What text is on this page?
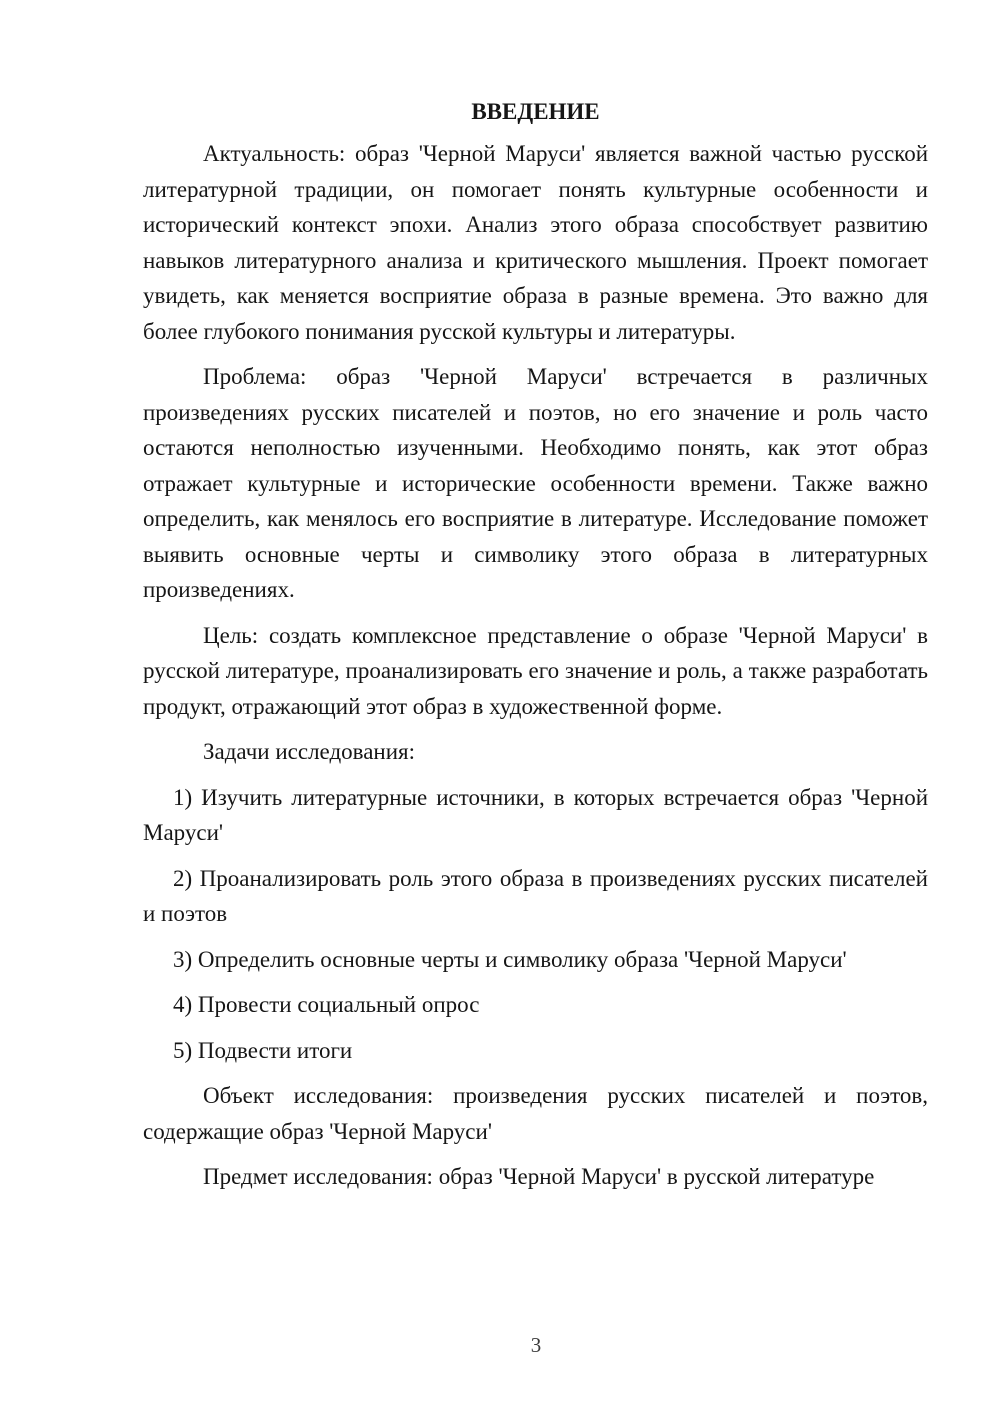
ВВЕДЕНИЕ

Актуальность: образ 'Черной Маруси' является важной частью русской литературной традиции, он помогает понять культурные особенности и исторический контекст эпохи. Анализ этого образа способствует развитию навыков литературного анализа и критического мышления. Проект помогает увидеть, как меняется восприятие образа в разные времена. Это важно для более глубокого понимания русской культуры и литературы.

Проблема: образ 'Черной Маруси' встречается в различных произведениях русских писателей и поэтов, но его значение и роль часто остаются неполностью изученными. Необходимо понять, как этот образ отражает культурные и исторические особенности времени. Также важно определить, как менялось его восприятие в литературе. Исследование поможет выявить основные черты и символику этого образа в литературных произведениях.

Цель: создать комплексное представление о образе 'Черной Маруси' в русской литературе, проанализировать его значение и роль, а также разработать продукт, отражающий этот образ в художественной форме.

Задачи исследования:

1) Изучить литературные источники, в которых встречается образ 'Черной Маруси'

2) Проанализировать роль этого образа в произведениях русских писателей и поэтов

3) Определить основные черты и символику образа 'Черной Маруси'

4) Провести социальный опрос

5) Подвести итоги

Объект исследования: произведения русских писателей и поэтов, содержащие образ 'Черной Маруси'

Предмет исследования: образ 'Черной Маруси' в русской литературе

3
